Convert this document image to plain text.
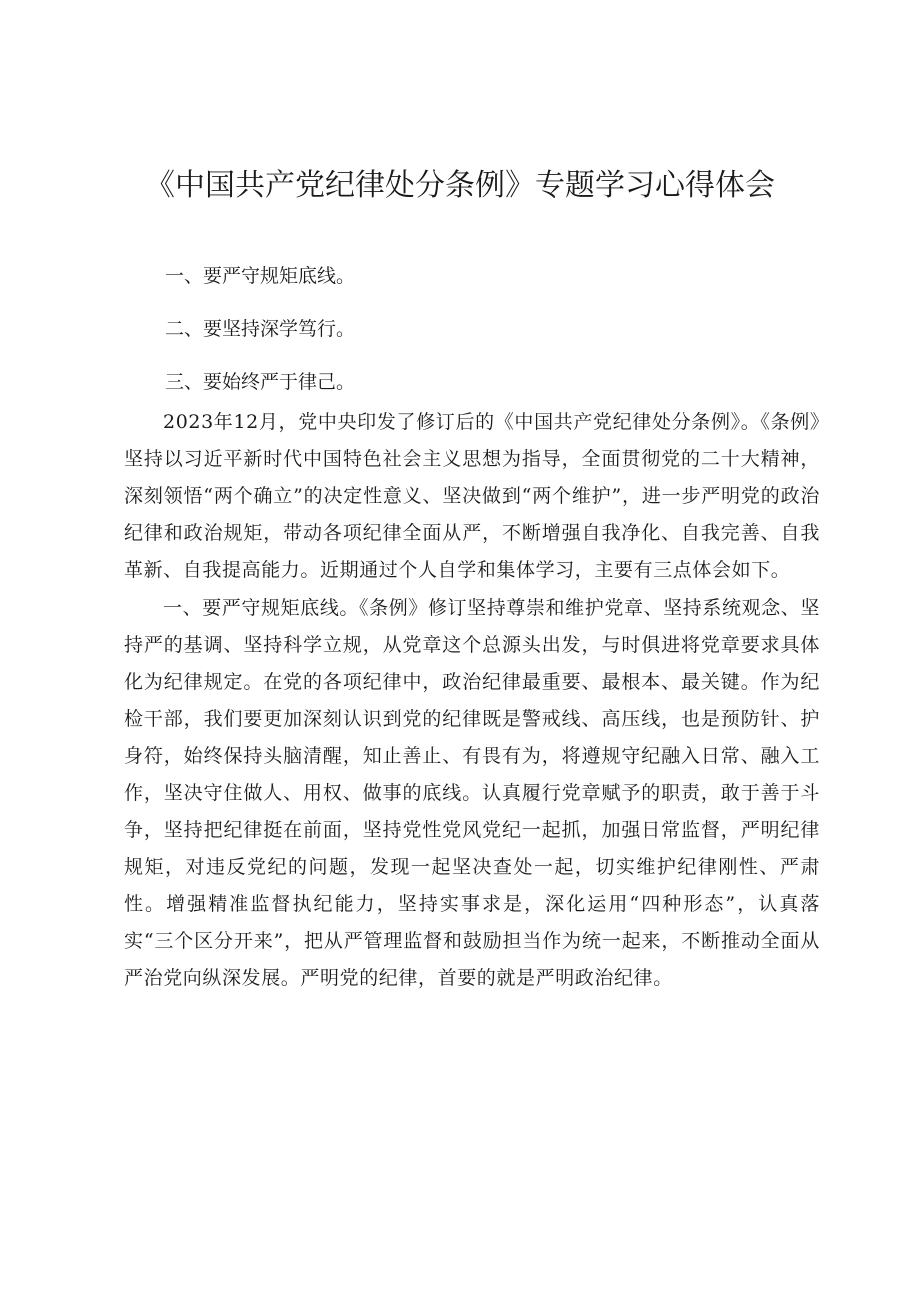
《中国共产党纪律处分条例》专题学习心得体会
一、要严守规矩底线。
二、要坚持深学笃行。
三、要始终严于律己。

2023年12月，党中央印发了修订后的《中国共产党纪律处分条例》。《条例》坚持以习近平新时代中国特色社会主义思想为指导，全面贯彻党的二十大精神，深刻领悟“两个确立”的决定性意义、坚决做到“两个维护”，进一步严明党的政治纪律和政治规矩，带动各项纪律全面从严，不断增强自我净化、自我完善、自我革新、自我提高能力。近期通过个人自学和集体学习，主要有三点体会如下。

一、要严守规矩底线。《条例》修订坚持尊崇和维护党章、坚持系统观念、坚持严的基调、坚持科学立规，从党章这个总源头出发，与时俱进将党章要求具体化为纪律规定。在党的各项纪律中，政治纪律最重要、最根本、最关键。作为纪检干部，我们要更加深刻认识到党的纪律既是警戒线、高压线，也是预防针、护身符，始终保持头脑清醒，知止善止、有畏有为，将遵规守纪融入日常、融入工作，坚决守住做人、用权、做事的底线。认真履行党章赋予的职责，敢于善于斗争，坚持把纪律挺在前面，坚持党性党风党纪一起抓，加强日常监督，严明纪律规矩，对违反党纪的问题，发现一起坚决查处一起，切实维护纪律刚性、严肃性。增强精准监督执纪能力，坚持实事求是，深化运用“四种形态”，认真落实“三个区分开来”，把从严管理监督和鼓励担当作为统一起来，不断推动全面从严治党向纵深发展。严明党的纪律，首要的就是严明政治纪律。
